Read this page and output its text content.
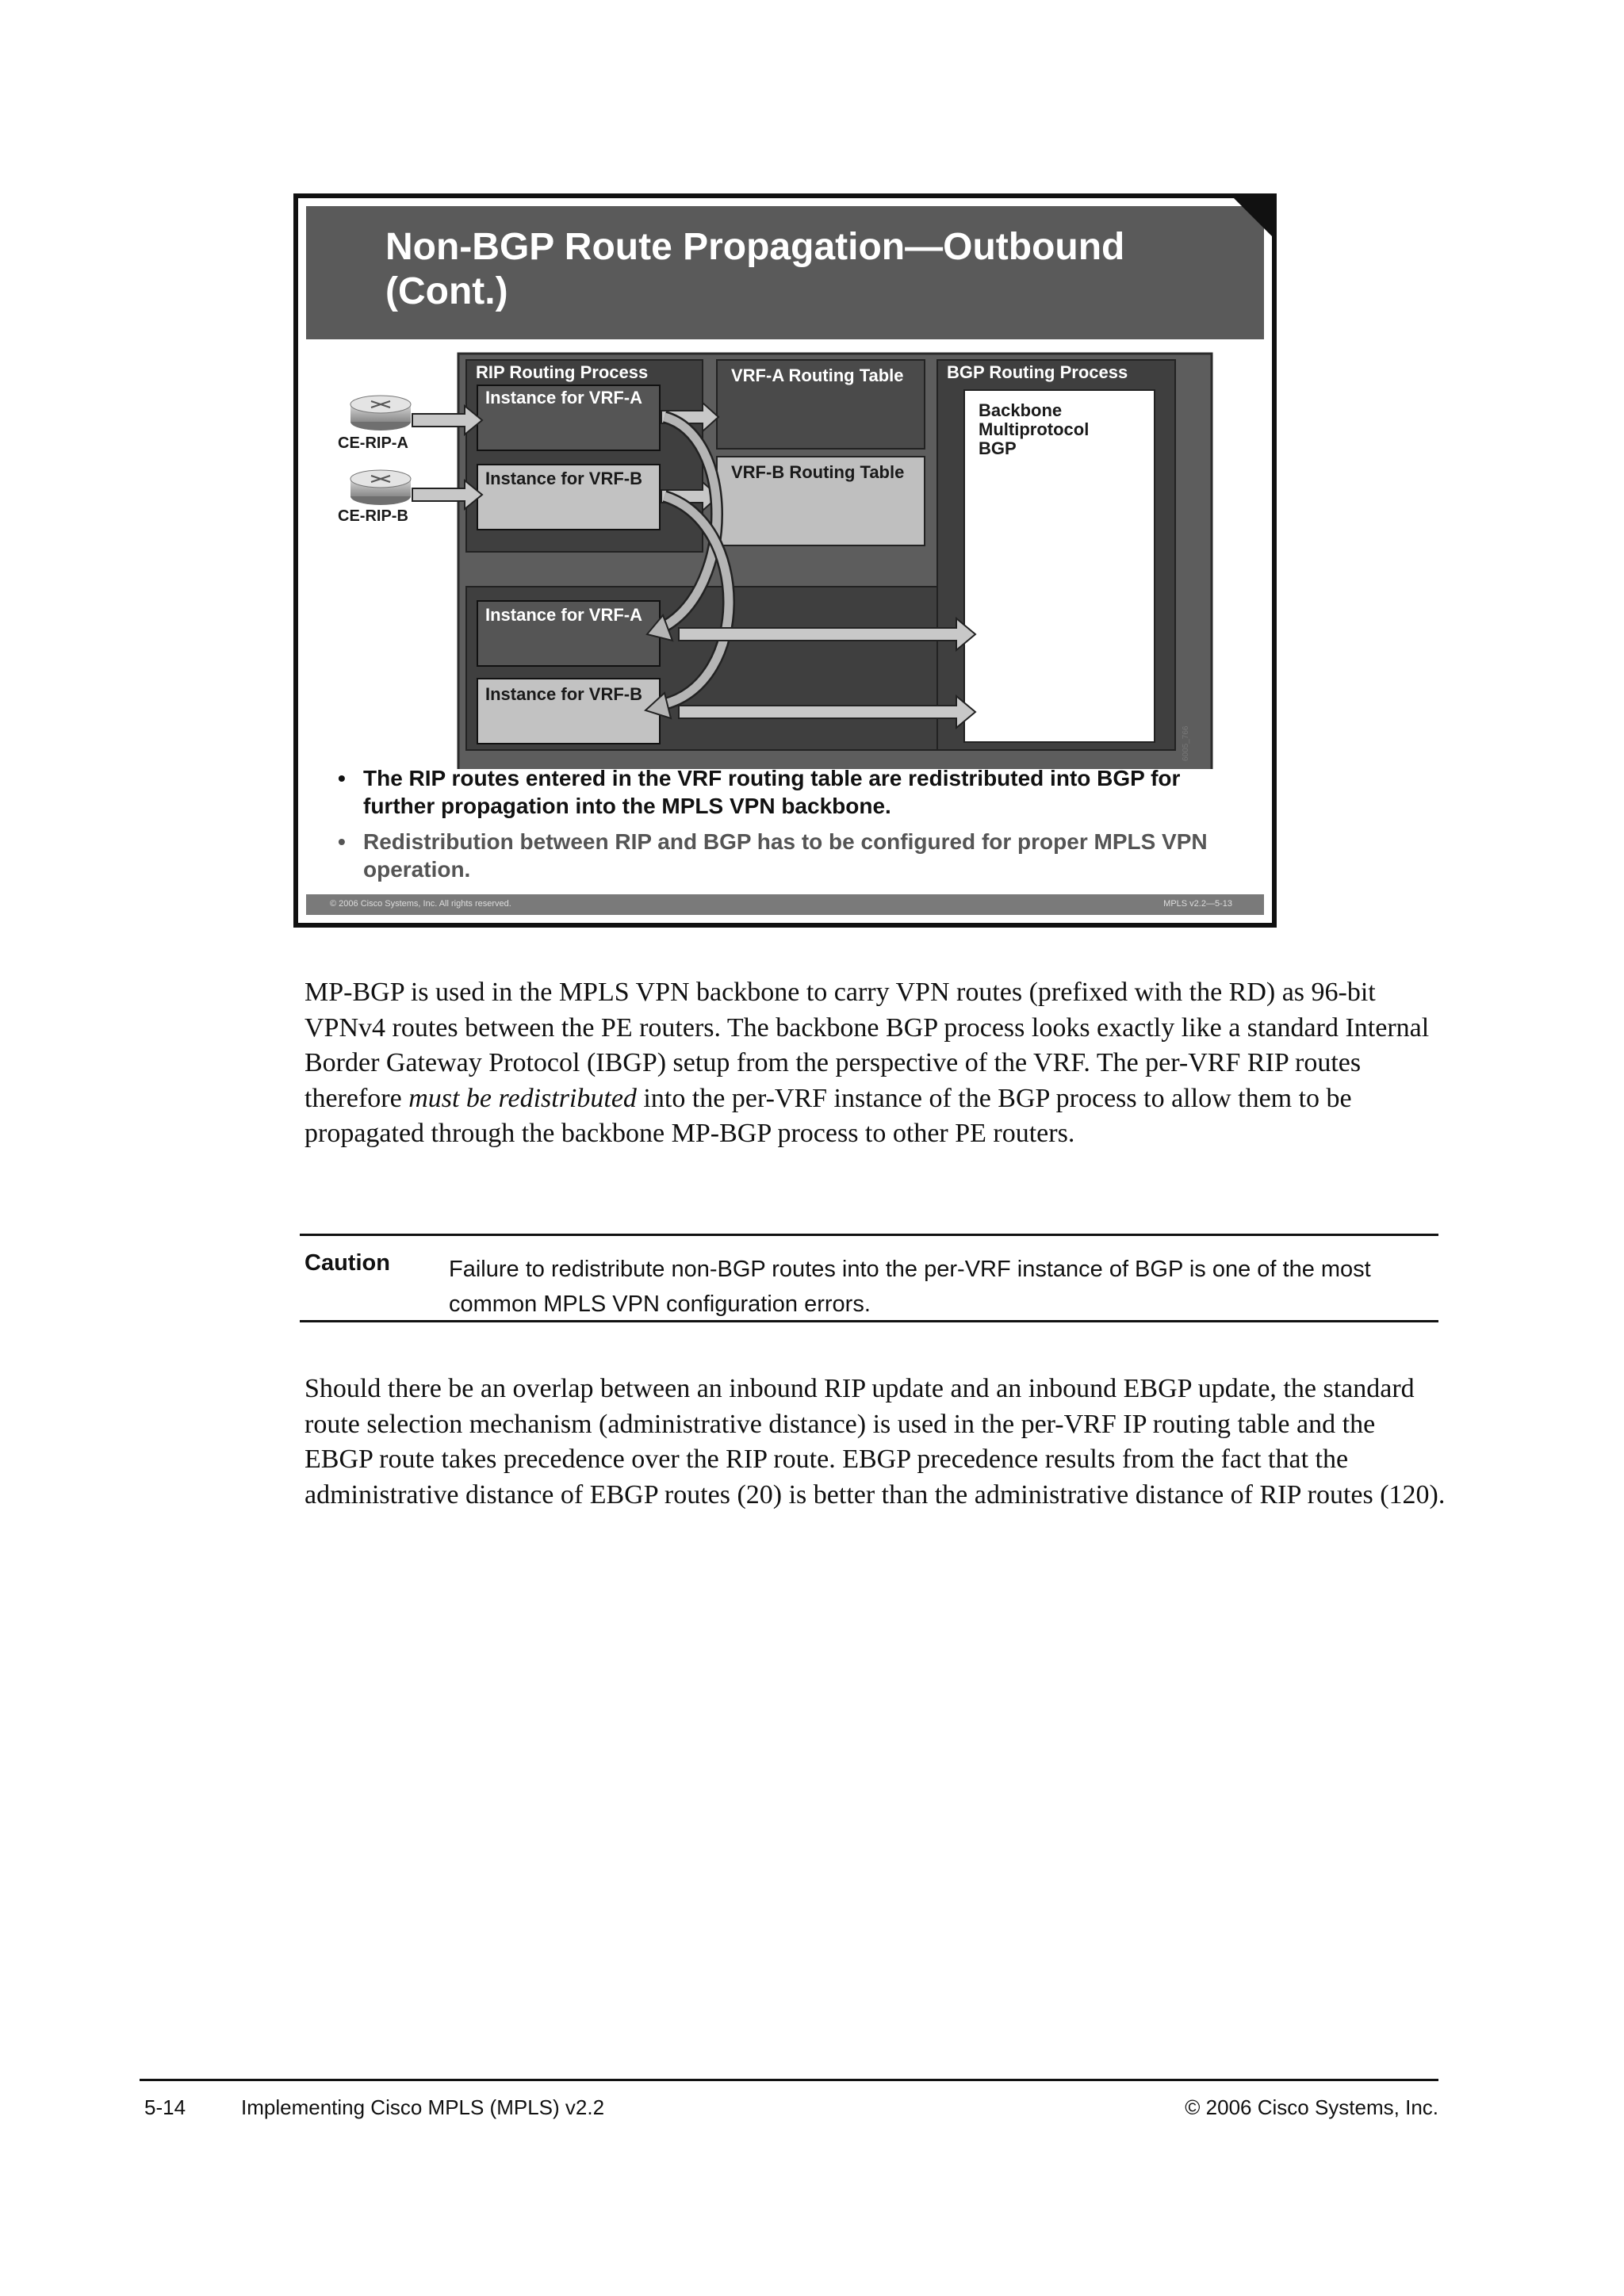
Non-BGP Route Propagation—Outbound
(Cont.)
RIP Routing Process
Instance for VRF-A
Instance for VRF-B
VRF-A Routing Table
VRF-B Routing Table
BGP Routing Process
Backbone
Multiprotocol
BGP
Instance for VRF-A
Instance for VRF-B
CE-RIP-A
CE-RIP-B
6005_766
• The RIP routes entered in the VRF routing table are redistributed into BGP for further propagation into the MPLS VPN backbone.
• Redistribution between RIP and BGP has to be configured for proper MPLS VPN operation.
© 2006 Cisco Systems, Inc. All rights reserved.	MPLS v2.2—5-13

MP-BGP is used in the MPLS VPN backbone to carry VPN routes (prefixed with the RD) as 96-bit VPNv4 routes between the PE routers. The backbone BGP process looks exactly like a standard Internal Border Gateway Protocol (IBGP) setup from the perspective of the VRF. The per-VRF RIP routes therefore must be redistributed into the per-VRF instance of the BGP process to allow them to be propagated through the backbone MP-BGP process to other PE routers.

Caution	Failure to redistribute non-BGP routes into the per-VRF instance of BGP is one of the most common MPLS VPN configuration errors.

Should there be an overlap between an inbound RIP update and an inbound EBGP update, the standard route selection mechanism (administrative distance) is used in the per-VRF IP routing table and the EBGP route takes precedence over the RIP route. EBGP precedence results from the fact that the administrative distance of EBGP routes (20) is better than the administrative distance of RIP routes (120).

5-14	Implementing Cisco MPLS (MPLS) v2.2	© 2006 Cisco Systems, Inc.
